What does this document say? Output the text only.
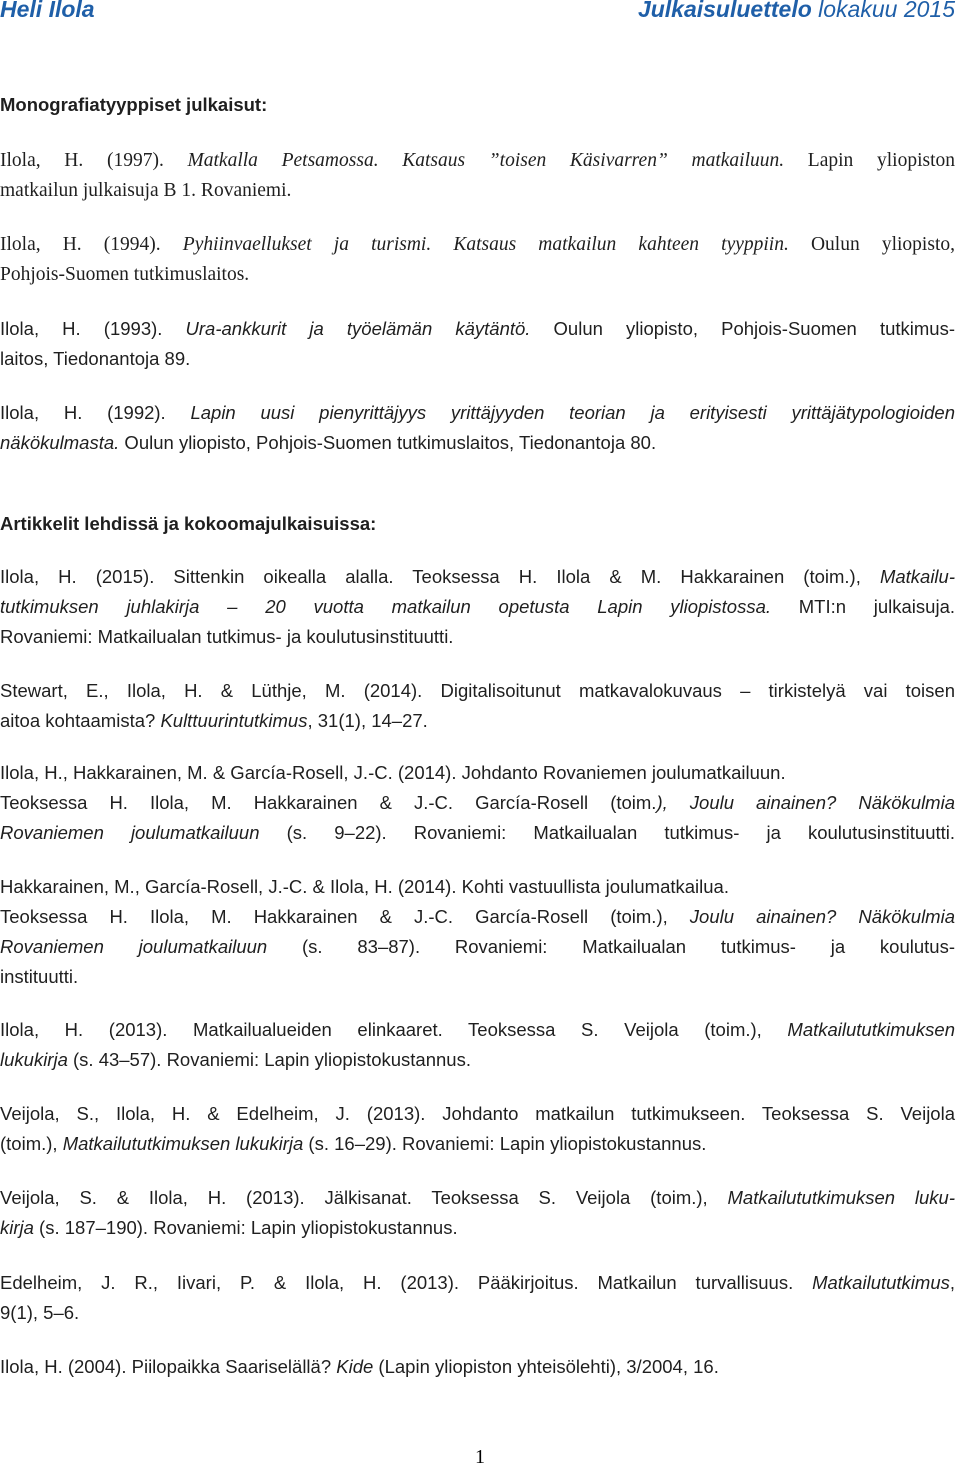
Heli Ilola	Julkaisuluettelo lokakuu 2015
Monografiatyyppiset julkaisut:
Ilola, H. (1997). Matkalla Petsamossa. Katsaus ”toisen Käsivarren” matkailuun. Lapin yliopiston
matkailun julkaisuja B 1. Rovaniemi.
Ilola, H. (1994). Pyhiinvaellukset ja turismi. Katsaus matkailun kahteen tyyppiin. Oulun yliopisto,
Pohjois-Suomen tutkimuslaitos.
Ilola, H. (1993). Ura-ankkurit ja työelämän käytäntö. Oulun yliopisto, Pohjois-Suomen tutkimus-
laitos, Tiedonantoja 89.
Ilola, H. (1992). Lapin uusi pienyrittäjyys yrittäjyyden teorian ja erityisesti yrittäjätypologioiden
näkökulmasta. Oulun yliopisto, Pohjois-Suomen tutkimuslaitos, Tiedonantoja 80.
Artikkelit lehdissä ja kokoomajulkaisuissa:
Ilola, H. (2015). Sittenkin oikealla alalla. Teoksessa H. Ilola & M. Hakkarainen (toim.), Matkailu-
tutkimuksen juhlakirja – 20 vuotta matkailun opetusta Lapin yliopistossa. MTI:n julkaisuja.
Rovaniemi: Matkailualan tutkimus- ja koulutusinstituutti.
Stewart, E., Ilola, H. & Lüthje, M. (2014). Digitalisoitunut matkavalokuvaus – tirkistelyä vai toisen
aitoa kohtaamista? Kulttuurintutkimus, 31(1), 14–27.
Ilola, H., Hakkarainen, M. & García-Rosell, J.-C. (2014). Johdanto Rovaniemen joulumatkailuun.
Teoksessa H. Ilola, M. Hakkarainen & J.-C. García-Rosell (toim.), Joulu ainainen? Näkökulmia
Rovaniemen joulumatkailuun (s. 9–22). Rovaniemi: Matkailualan tutkimus- ja koulutusinstituutti.
Hakkarainen, M., García-Rosell, J.-C. & Ilola, H. (2014). Kohti vastuullista joulumatkailua.
Teoksessa H. Ilola, M. Hakkarainen & J.-C. García-Rosell (toim.), Joulu ainainen? Näkökulmia
Rovaniemen joulumatkailuun (s. 83–87). Rovaniemi: Matkailualan tutkimus- ja koulutus-
instituutti.
Ilola, H. (2013). Matkailualueiden elinkaaret. Teoksessa S. Veijola (toim.), Matkailututkimuksen
lukukirja (s. 43–57). Rovaniemi: Lapin yliopistokustannus.
Veijola, S., Ilola, H. & Edelheim, J. (2013). Johdanto matkailun tutkimukseen. Teoksessa S. Veijola
(toim.), Matkailututkimuksen lukukirja (s. 16–29). Rovaniemi: Lapin yliopistokustannus.
Veijola, S. & Ilola, H. (2013). Jälkisanat. Teoksessa S. Veijola (toim.), Matkailututkimuksen luku-
kirja (s. 187–190). Rovaniemi: Lapin yliopistokustannus.
Edelheim, J. R., Iivari, P. & Ilola, H. (2013). Pääkirjoitus. Matkailun turvallisuus. Matkailututkimus,
9(1), 5–6.
Ilola, H. (2004). Piilopaikka Saariselällä? Kide (Lapin yliopiston yhteisölehti), 3/2004, 16.
1
